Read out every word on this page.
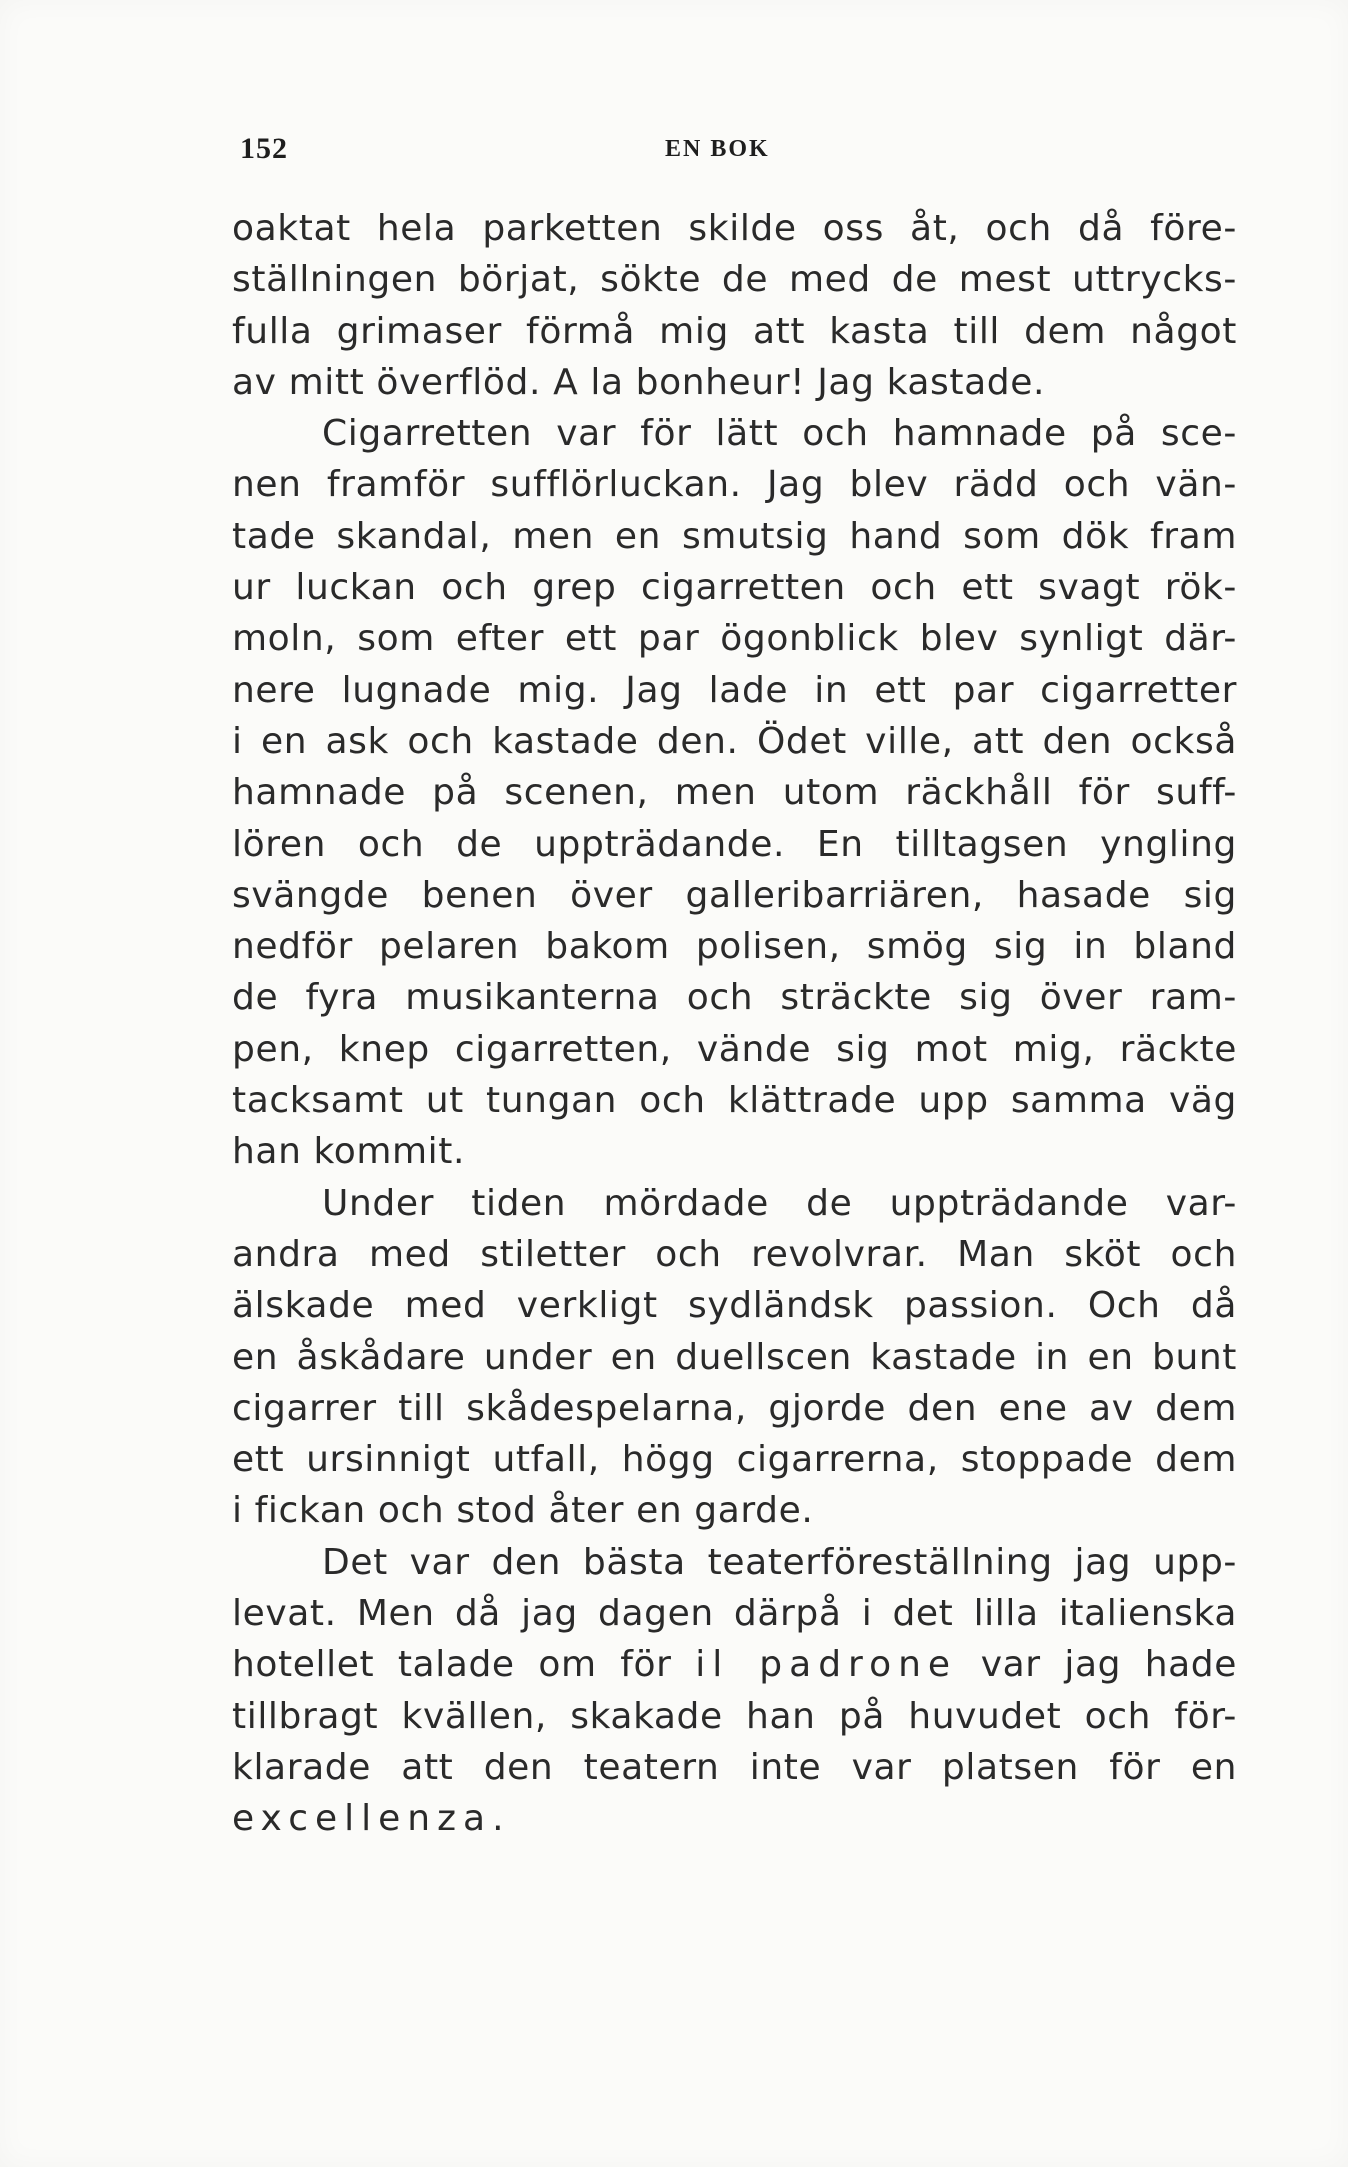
152	EN BOK
oaktat hela parketten skilde oss åt, och då före-
ställningen börjat, sökte de med de mest uttrycks-
fulla grimaser förmå mig att kasta till dem något
av mitt överflöd. A la bonheur! Jag kastade.
Cigarretten var för lätt och hamnade på sce-
nen framför sufflörluckan. Jag blev rädd och vän-
tade skandal, men en smutsig hand som dök fram
ur luckan och grep cigarretten och ett svagt rök-
moln, som efter ett par ögonblick blev synligt där-
nere lugnade mig. Jag lade in ett par cigarretter
i en ask och kastade den. Ödet ville, att den också
hamnade på scenen, men utom räckhåll för suff-
lören och de uppträdande. En tilltagsen yngling
svängde benen över galleribarriären, hasade sig
nedför pelaren bakom polisen, smög sig in bland
de fyra musikanterna och sträckte sig över ram-
pen, knep cigarretten, vände sig mot mig, räckte
tacksamt ut tungan och klättrade upp samma väg
han kommit.
Under tiden mördade de uppträdande var-
andra med stiletter och revolvrar. Man sköt och
älskade med verkligt sydländsk passion. Och då
en åskådare under en duellscen kastade in en bunt
cigarrer till skådespelarna, gjorde den ene av dem
ett ursinnigt utfall, högg cigarrerna, stoppade dem
i fickan och stod åter en garde.
Det var den bästa teaterföreställning jag upp-
levat. Men då jag dagen därpå i det lilla italienska
hotellet talade om för il padrone var jag hade
tillbragt kvällen, skakade han på huvudet och för-
klarade att den teatern inte var platsen för en
excellenza.
